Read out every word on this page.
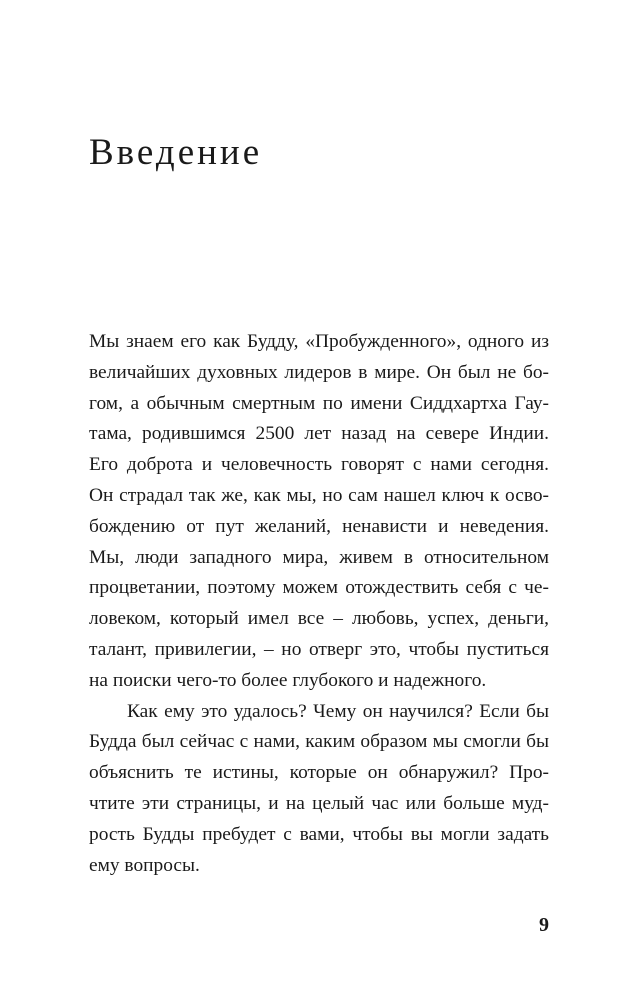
Введение
Мы знаем его как Будду, «Пробужденного», одного из
величайших духовных лидеров в мире. Он был не бо-
гом, а обычным смертным по имени Сиддхартха Гау-
тама, родившимся 2500 лет назад на севере Индии.
Его доброта и человечность говорят с нами сегодня.
Он страдал так же, как мы, но сам нашел ключ к осво-
бождению от пут желаний, ненависти и неведения.
Мы, люди западного мира, живем в относительном
процветании, поэтому можем отождествить себя с че-
ловеком, который имел все – любовь, успех, деньги,
талант, привилегии, – но отверг это, чтобы пуститься
на поиски чего-то более глубокого и надежного.
Как ему это удалось? Чему он научился? Если бы
Будда был сейчас с нами, каким образом мы смогли бы
объяснить те истины, которые он обнаружил? Про-
чтите эти страницы, и на целый час или больше муд-
рость Будды пребудет с вами, чтобы вы могли задать
ему вопросы.
9
